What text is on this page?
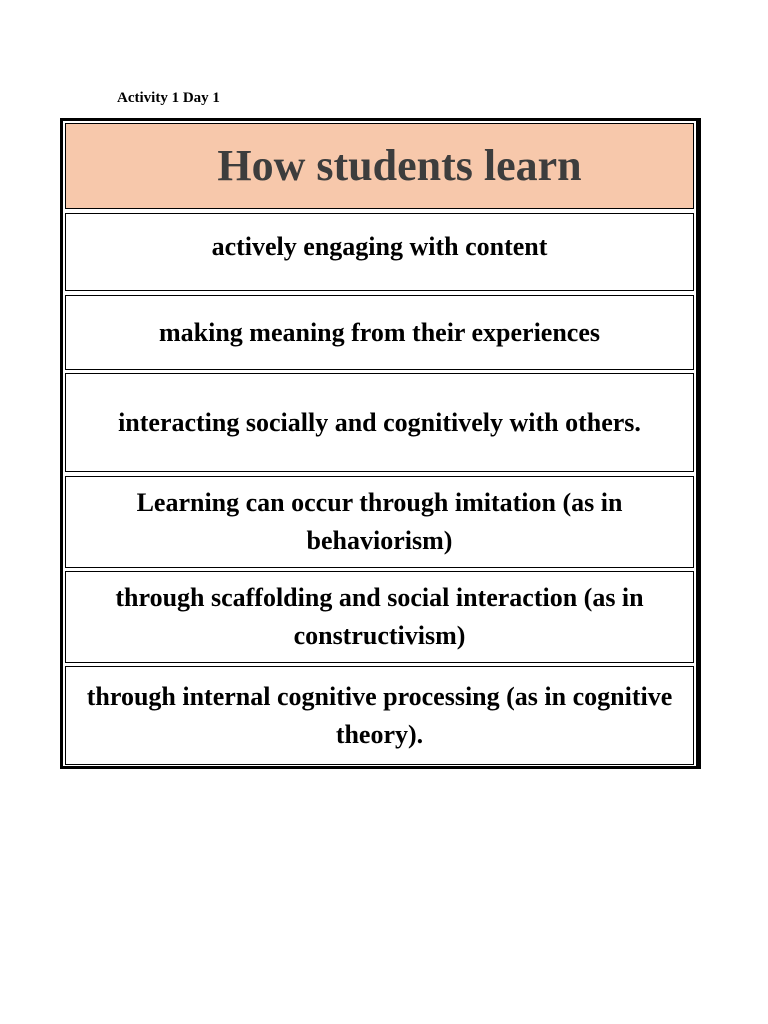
Activity 1 Day 1
How students learn
actively engaging with content
making meaning from their experiences
interacting socially and cognitively with others.
Learning can occur through imitation (as in behaviorism)
through scaffolding and social interaction (as in constructivism)
through internal cognitive processing (as in cognitive theory).
